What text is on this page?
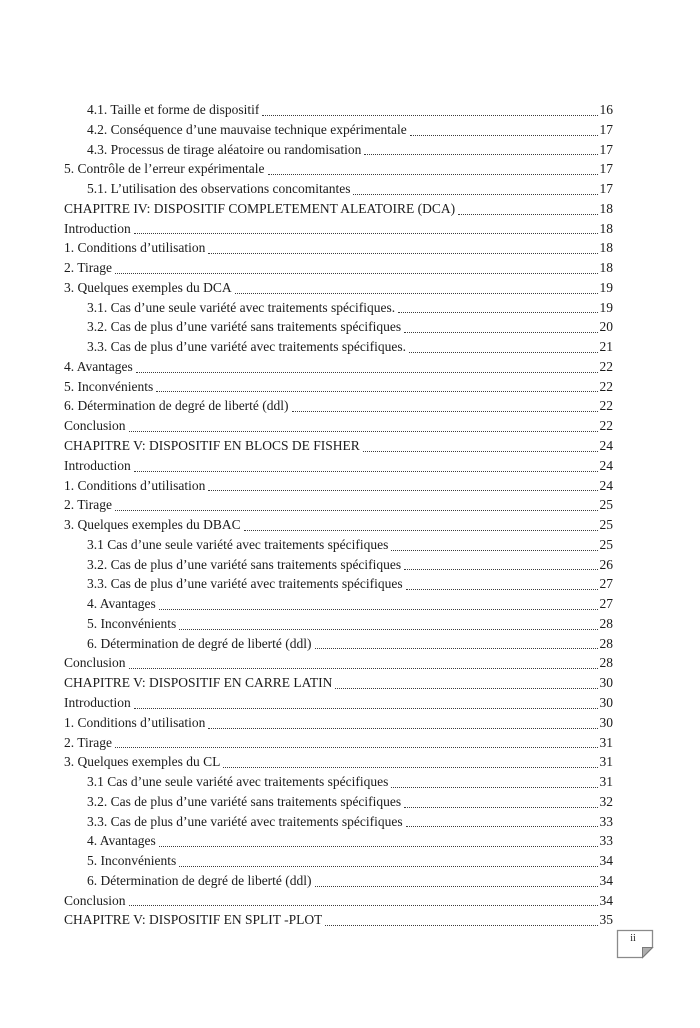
4.1. Taille et forme de dispositif	16
4.2. Conséquence d’une mauvaise technique expérimentale	17
4.3. Processus de tirage aléatoire ou randomisation	17
5. Contrôle de l’erreur expérimentale	17
5.1. L’utilisation des observations concomitantes	17
CHAPITRE IV: DISPOSITIF COMPLETEMENT ALEATOIRE (DCA)	18
Introduction	18
1. Conditions d’utilisation	18
2. Tirage	18
3. Quelques exemples du DCA	19
3.1. Cas d’une seule variété avec traitements spécifiques.	19
3.2. Cas de plus d’une variété sans traitements spécifiques	20
3.3. Cas de plus d’une variété avec traitements spécifiques.	21
4. Avantages	22
5. Inconvénients	22
6. Détermination de degré de liberté (ddl)	22
Conclusion	22
CHAPITRE V: DISPOSITIF EN BLOCS DE FISHER	24
Introduction	24
1. Conditions d’utilisation	24
2. Tirage	25
3. Quelques exemples du DBAC	25
3.1 Cas d’une seule variété avec traitements spécifiques	25
3.2. Cas de plus d’une variété sans traitements spécifiques	26
3.3. Cas de plus d’une variété avec traitements spécifiques	27
4. Avantages	27
5. Inconvénients	28
6. Détermination de degré de liberté (ddl)	28
Conclusion	28
CHAPITRE V: DISPOSITIF EN CARRE LATIN	30
Introduction	30
1. Conditions d’utilisation	30
2. Tirage	31
3. Quelques exemples du CL	31
3.1 Cas d’une seule variété avec traitements spécifiques	31
3.2. Cas de plus d’une variété sans traitements spécifiques	32
3.3. Cas de plus d’une variété avec traitements spécifiques	33
4. Avantages	33
5. Inconvénients	34
6. Détermination de degré de liberté (ddl)	34
Conclusion	34
CHAPITRE V: DISPOSITIF EN SPLIT -PLOT	35
ii
